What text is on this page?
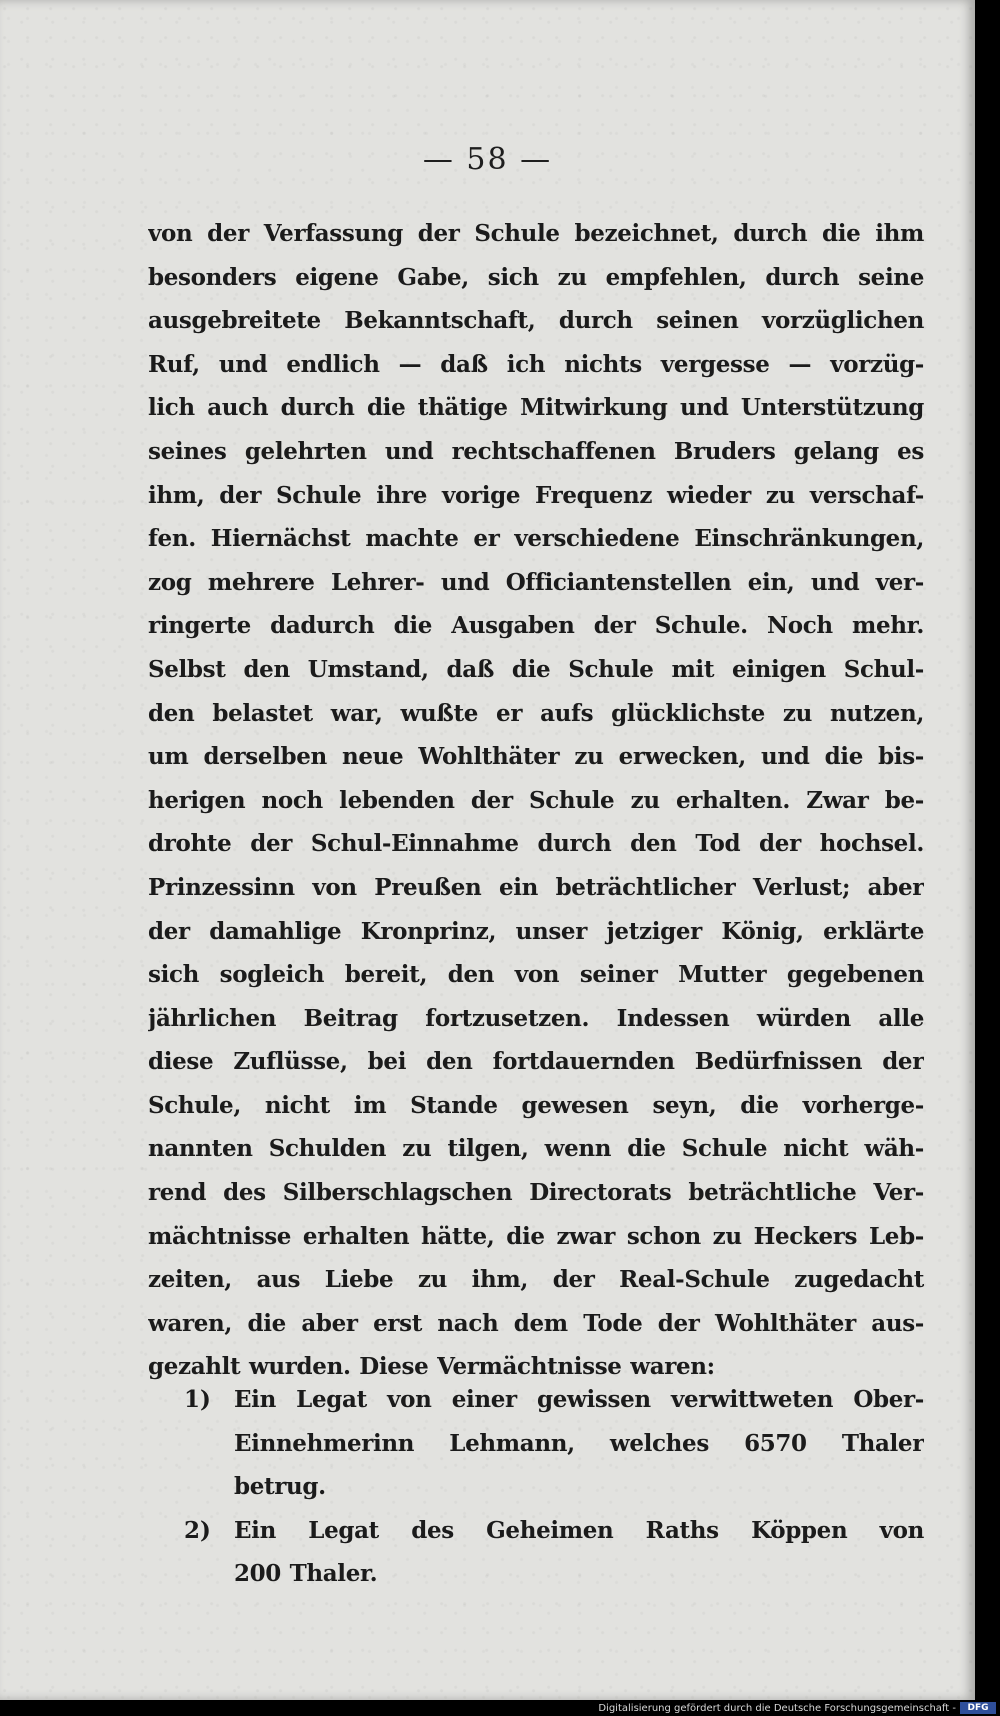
— 58 —
von der Verfassung der Schule bezeichnet, durch die ihm
besonders eigene Gabe, sich zu empfehlen, durch seine
ausgebreitete Bekanntschaft, durch seinen vorzüglichen
Ruf, und endlich — daß ich nichts vergesse — vorzüg-
lich auch durch die thätige Mitwirkung und Unterstützung
seines gelehrten und rechtschaffenen Bruders gelang es
ihm, der Schule ihre vorige Frequenz wieder zu verschaf-
fen. Hiernächst machte er verschiedene Einschränkungen,
zog mehrere Lehrer- und Officiantenstellen ein, und ver-
ringerte dadurch die Ausgaben der Schule. Noch mehr.
Selbst den Umstand, daß die Schule mit einigen Schul-
den belastet war, wußte er aufs glücklichste zu nutzen,
um derselben neue Wohlthäter zu erwecken, und die bis-
herigen noch lebenden der Schule zu erhalten. Zwar be-
drohte der Schul-Einnahme durch den Tod der hochsel.
Prinzessinn von Preußen ein beträchtlicher Verlust; aber
der damahlige Kronprinz, unser jetziger König, erklärte
sich sogleich bereit, den von seiner Mutter gegebenen
jährlichen Beitrag fortzusetzen. Indessen würden alle
diese Zuflüsse, bei den fortdauernden Bedürfnissen der
Schule, nicht im Stande gewesen seyn, die vorherge-
nannten Schulden zu tilgen, wenn die Schule nicht wäh-
rend des Silberschlagschen Directorats beträchtliche Ver-
mächtnisse erhalten hätte, die zwar schon zu Heckers Leb-
zeiten, aus Liebe zu ihm, der Real-Schule zugedacht
waren, die aber erst nach dem Tode der Wohlthäter aus-
gezahlt wurden. Diese Vermächtnisse waren:
1) Ein Legat von einer gewissen verwittweten Ober-
Einnehmerinn Lehmann, welches 6570 Thaler
betrug.
2) Ein Legat des Geheimen Raths Köppen von
200 Thaler.
Digitalisierung gefördert durch die Deutsche Forschungsgemeinschaft -	DFG
